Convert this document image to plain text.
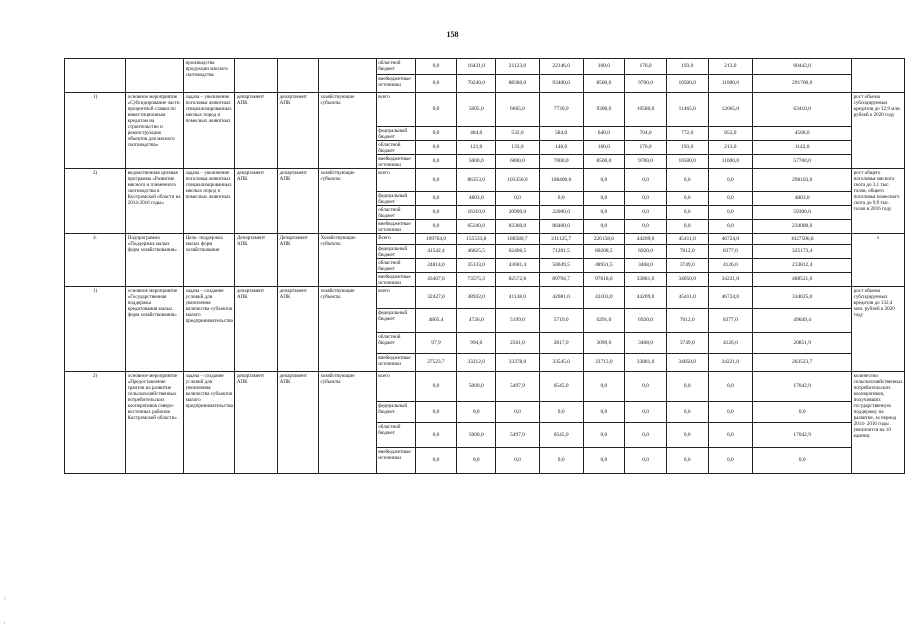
158
:
'
		производства продукции мясного скотоводства				областной бюджет	0,0	16431,0	21123,0	22146,0	160,0	176,0	193,0	213,0	60442,0	
						внебюджетные источники	0,0	70240,0	88360,0	93400,0	8500,0	9700,0	10500,0	11000,0	291700,0	
1)	основное мероприятие «Субсидирование части процентной ставки по инвестиционным кредитам на строительство и реконструкцию объектов для мясного скотоводства»	задача – увеличение поголовья животных специализированных мясных пород и помесных животных	департамент АПК	департамент АПК	хозяйствующие субъекты	всего	0,0	5605,0	6665,0	7730,0	9300,0	10580,0	11465,0	12065,0	63410,0	рост объема субсидируемых кредитов до 12,9 млн. рублей к 2020 году
						федеральный бюджет	0,0	484,0	532,0	584,0	640,0	704,0	772,0	852,0	4568,0	
						областной бюджет	0,0	121,0	133,0	146,0	160,0	176,0	193,0	213,0	1142,0	
						внебюджетные источники	0,0	5000,0	6000,0	7000,0	8500,0	9700,0	10500,0	11000,0	57700,0	
2)	ведомственная целевая программа «Развитие мясного и племенного скотоводства в Костромской области на 2014-2016 годы»	задача – увеличение поголовья животных специализированных мясных пород и помесных животных	департамент АПК	департамент АПК	хозяйствующие субъекты	всего	0,0	86353,0	103350,0	108400,0	0,0	0,0	0,0	0,0	298103,0	рост общего поголовья мясного скота до 3,1 тыс. голов, общего поголовья помесного скота до 9,9 тыс. голов в 2016 году
						федеральный бюджет	0,0	4803,0	0,0	0,0	0,0	0,0	0,0	0,0	4803,0	
						областной бюджет	0,0	16310,0	20990,0	22000,0	0,0	0,0	0,0	0,0	59300,0	
						внебюджетные источники	0,0	65240,0	82360,0	86400,0	0,0	0,0	0,0	0,0	234000,0	
4.	Подпрограмма «Поддержка малых форм хозяйствования»	Цель- поддержка малых форм хозяйствования	Департамент АПК	Департамент АПК	Хозяйствующие субъекты	Всего	109764,0	155533,8	188580,7	211125,7	226158,6	44209,0	45411,0	46724,0	1027506,8	х
						федеральный бюджет	41542,4	46825,5	62406,5	71281,5	80208,5	6920,0	7612,0	8377,0	325173,4	
						областной бюджет	24814,0	35133,0	43601,4	50049,5	48931,5	3408,0	3749,0	4126,0	213812,4	
						внебюджетные источники	43407,6	73575,3	82572,8	89794,7	97018,6	33881,0	34050,0	34221,0	488521,0	
1)	основное мероприятие «Государственная поддержка кредитования малых форм хозяйствования»	задача – создание условий для увеличения количества субъектов малого предпринимательства	департамент АПК	департамент АПК	хозяйствующие субъекты	всего	32427,0	38932,0	41138,0	42081,0	43103,0	44209,0	45411,0	46724,0	334025,0	рост объема субсидируемых кредитов до 132,4 млн. рублей к 2020 году
						федеральный бюджет	4805,4	4726,0	5199,0	5719,0	6291,0	6920,0	7612,0	8377,0	49649,4	
						областной бюджет	97,9	994,0	2561,0	2817,0	3099,0	3408,0	3749,0	4126,0	20851,9	
						внебюджетные источники	27523,7	33212,0	33378,0	33545,0	33713,0	33881,0	34050,0	34221,0	263523,7	
2)	основное мероприятие «Предоставление грантов на развитие сельскохозяйственных потребительских кооперативов северо-восточных районов Костромской области»	задача – создание условий для увеличения количества субъектов малого предпринимательства	департамент АПК	департамент АПК	хозяйствующие субъекты	всего	0,0	5000,0	5497,9	6545,0	0,0	0,0	0,0	0,0	17042,9	количество сельскохозяйственных потребительских кооперативов, получивших государственную поддержку на развитие, за период 2014- 2016 годы увеличится на 10 единиц
						федеральный бюджет	0,0	0,0	0,0	0,0	0,0	0,0	0,0	0,0	0,0	
						областной бюджет	0,0	5000,0	5497,9	6545,0	0,0	0,0	0,0	0,0	17042,9	
						внебюджетные источники	0,0	0,0	0,0	0,0	0,0	0,0	0,0	0,0	0,0	
